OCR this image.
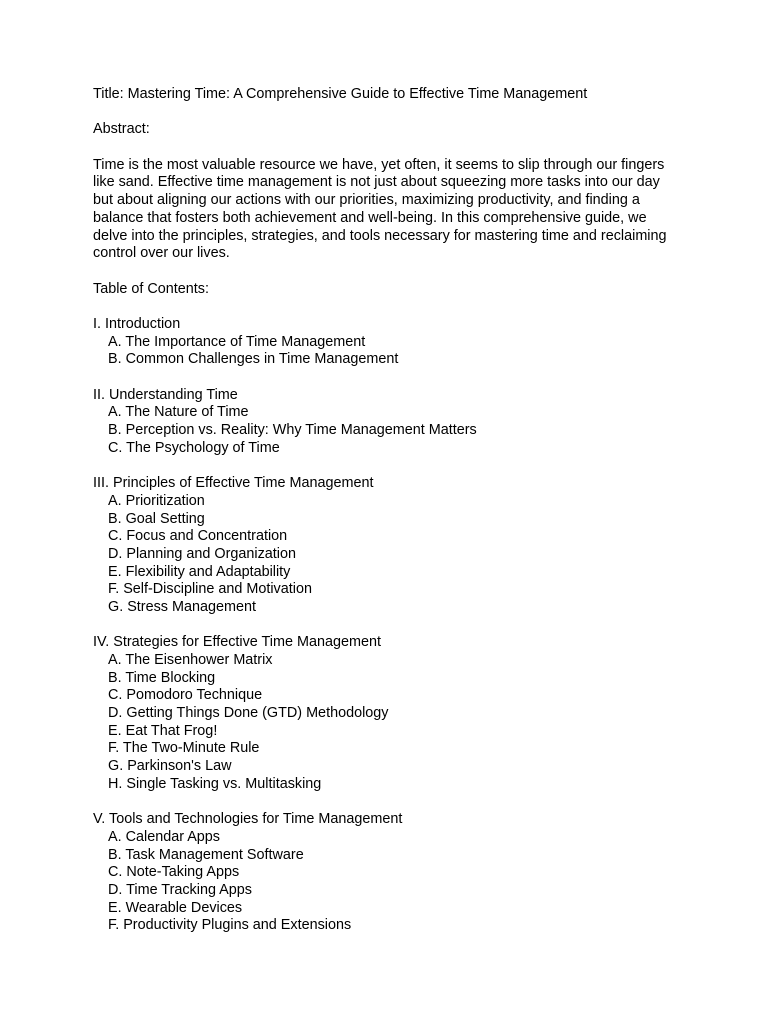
Title: Mastering Time: A Comprehensive Guide to Effective Time Management
Abstract:
Time is the most valuable resource we have, yet often, it seems to slip through our fingers
like sand. Effective time management is not just about squeezing more tasks into our day
but about aligning our actions with our priorities, maximizing productivity, and finding a
balance that fosters both achievement and well-being. In this comprehensive guide, we
delve into the principles, strategies, and tools necessary for mastering time and reclaiming
control over our lives.
Table of Contents:
I. Introduction
A. The Importance of Time Management
B. Common Challenges in Time Management
II. Understanding Time
A. The Nature of Time
B. Perception vs. Reality: Why Time Management Matters
C. The Psychology of Time
III. Principles of Effective Time Management
A. Prioritization
B. Goal Setting
C. Focus and Concentration
D. Planning and Organization
E. Flexibility and Adaptability
F. Self-Discipline and Motivation
G. Stress Management
IV. Strategies for Effective Time Management
A. The Eisenhower Matrix
B. Time Blocking
C. Pomodoro Technique
D. Getting Things Done (GTD) Methodology
E. Eat That Frog!
F. The Two-Minute Rule
G. Parkinson's Law
H. Single Tasking vs. Multitasking
V. Tools and Technologies for Time Management
A. Calendar Apps
B. Task Management Software
C. Note-Taking Apps
D. Time Tracking Apps
E. Wearable Devices
F. Productivity Plugins and Extensions
